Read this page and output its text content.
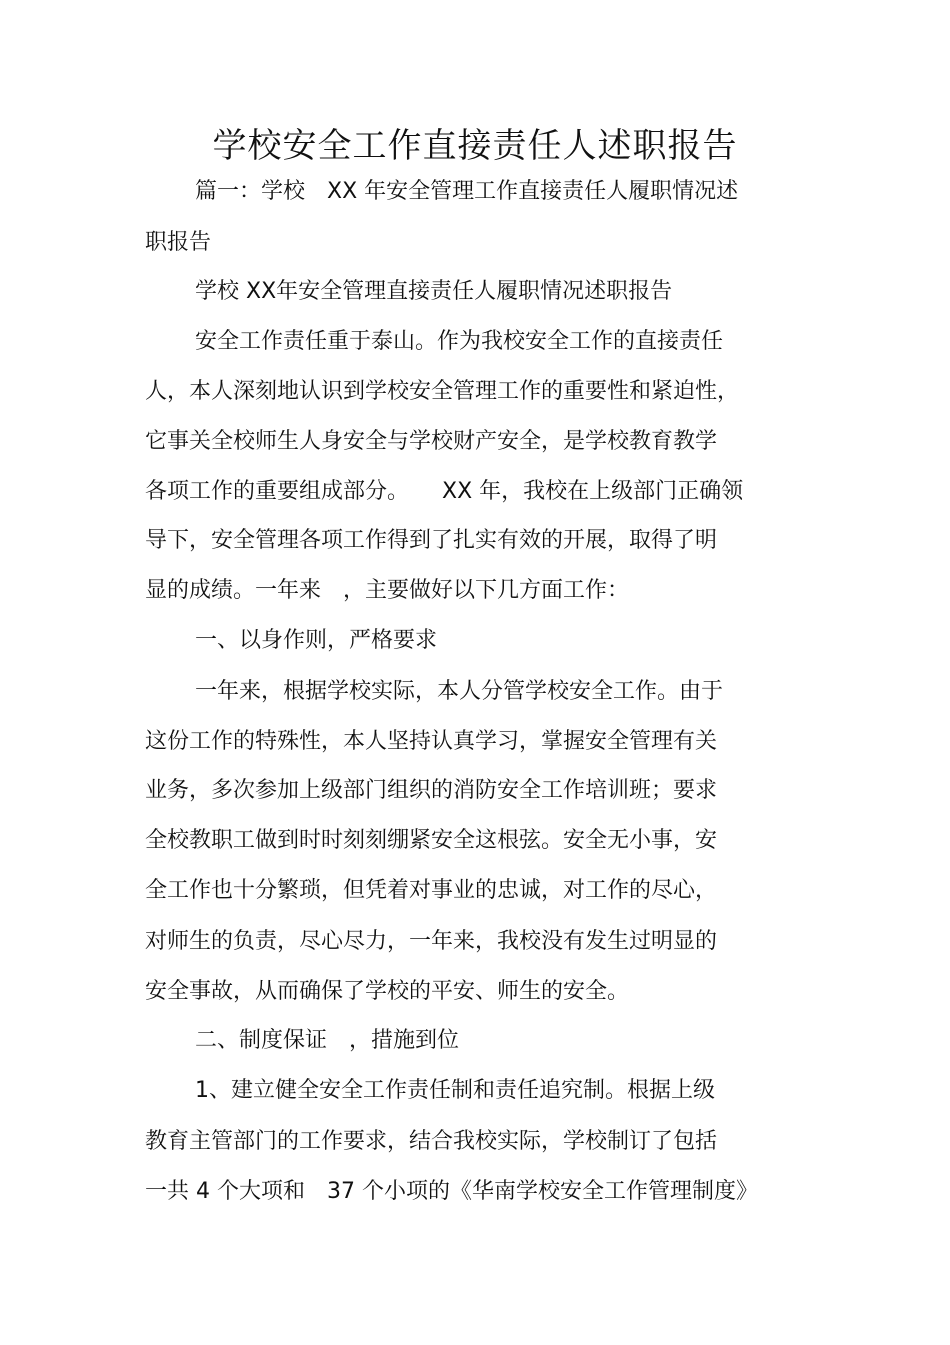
学校安全工作直接责任人述职报告

篇一：学校　XX 年安全管理工作直接责任人履职情况述

职报告

学校 XX年安全管理直接责任人履职情况述职报告

安全工作责任重于泰山。作为我校安全工作的直接责任

人，本人深刻地认识到学校安全管理工作的重要性和紧迫性，

它事关全校师生人身安全与学校财产安全，是学校教育教学

各项工作的重要组成部分。　　XX 年，我校在上级部门正确领

导下，安全管理各项工作得到了扎实有效的开展，取得了明

显的成绩。一年来　，主要做好以下几方面工作：

一、以身作则，严格要求

一年来，根据学校实际，本人分管学校安全工作。由于

这份工作的特殊性，本人坚持认真学习，掌握安全管理有关

业务，多次参加上级部门组织的消防安全工作培训班；要求

全校教职工做到时时刻刻绷紧安全这根弦。安全无小事，安

全工作也十分繁琐，但凭着对事业的忠诚，对工作的尽心，

对师生的负责，尽心尽力，一年来，我校没有发生过明显的

安全事故，从而确保了学校的平安、师生的安全。

二、制度保证　，措施到位

1、建立健全安全工作责任制和责任追究制。根据上级

教育主管部门的工作要求，结合我校实际，学校制订了包括

一共 4 个大项和　37 个小项的《华南学校安全工作管理制度》
